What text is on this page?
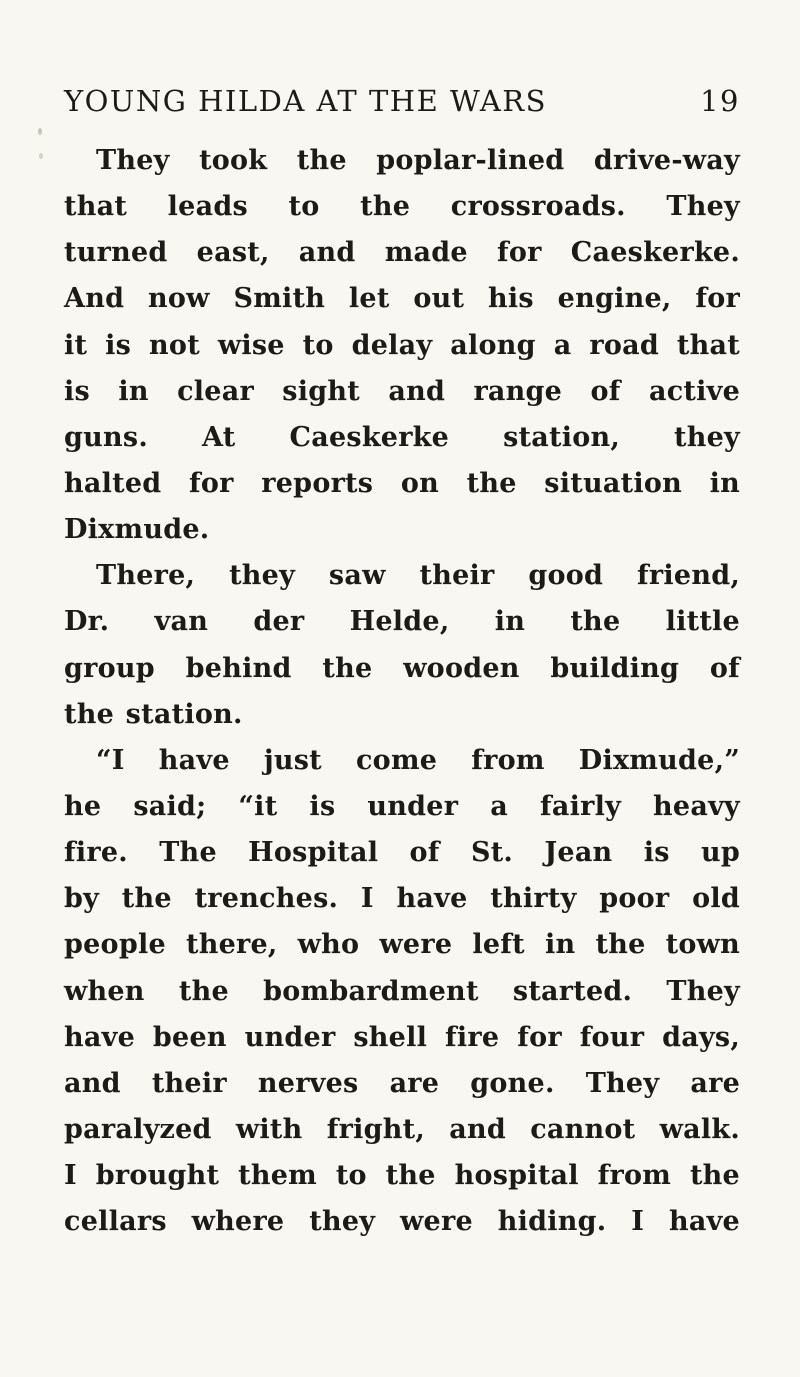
YOUNG HILDA AT THE WARS	19
They took the poplar-lined drive-way
that leads to the crossroads. They
turned east, and made for Caeskerke.
And now Smith let out his engine, for
it is not wise to delay along a road that
is in clear sight and range of active
guns. At Caeskerke station, they
halted for reports on the situation in
Dixmude.
There, they saw their good friend,
Dr. van der Helde, in the little
group behind the wooden building of
the station.
“I have just come from Dixmude,”
he said; “it is under a fairly heavy
fire. The Hospital of St. Jean is up
by the trenches. I have thirty poor old
people there, who were left in the town
when the bombardment started. They
have been under shell fire for four days,
and their nerves are gone. They are
paralyzed with fright, and cannot walk.
I brought them to the hospital from the
cellars where they were hiding. I have
